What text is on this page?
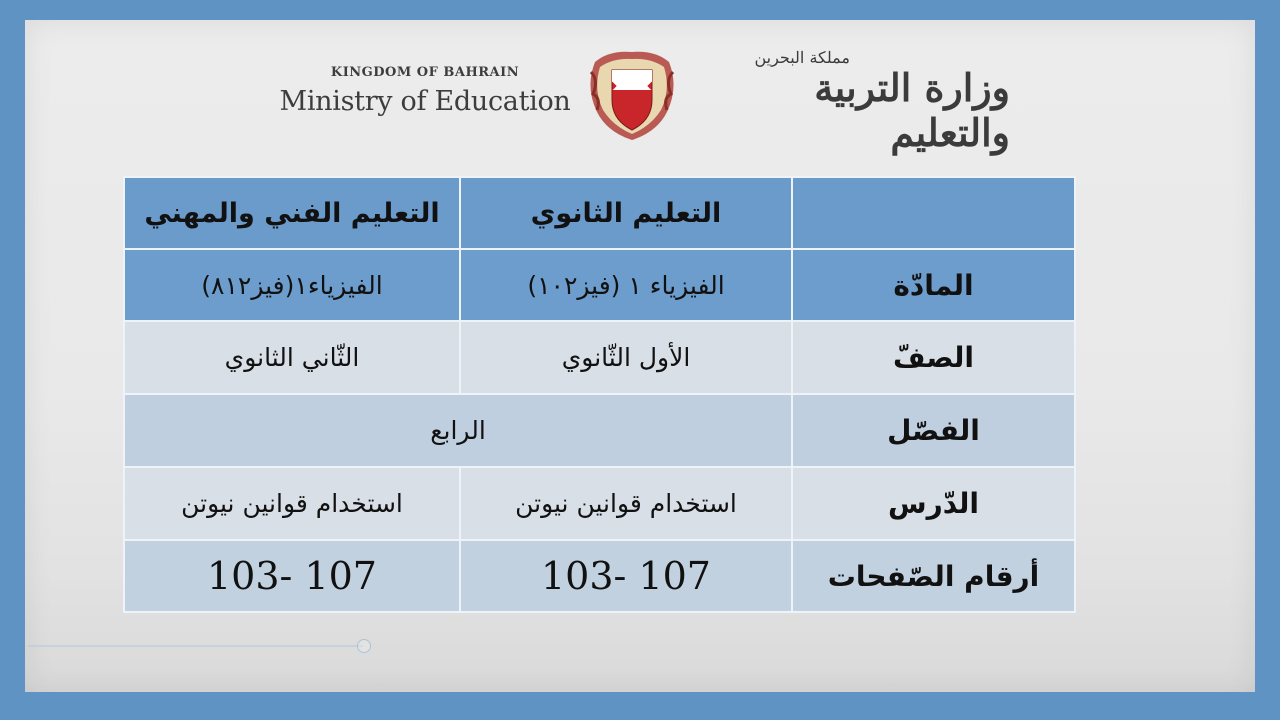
KINGDOM OF BAHRAIN
Ministry of Education
مملكة البحرين
وزارة التربية والتعليم
	التعليم الثانوي	التعليم الفني والمهني
المادّة	الفيزياء ١ (فيز١٠٢)	الفيزياء١(فيز٨١٢)
الصفّ	الأول الثّانوي	الثّاني الثانوي
الفصّل	الرابع	
الدّرس	استخدام قوانين نيوتن	استخدام قوانين نيوتن
أرقام الصّفحات	103- 107	103- 107
